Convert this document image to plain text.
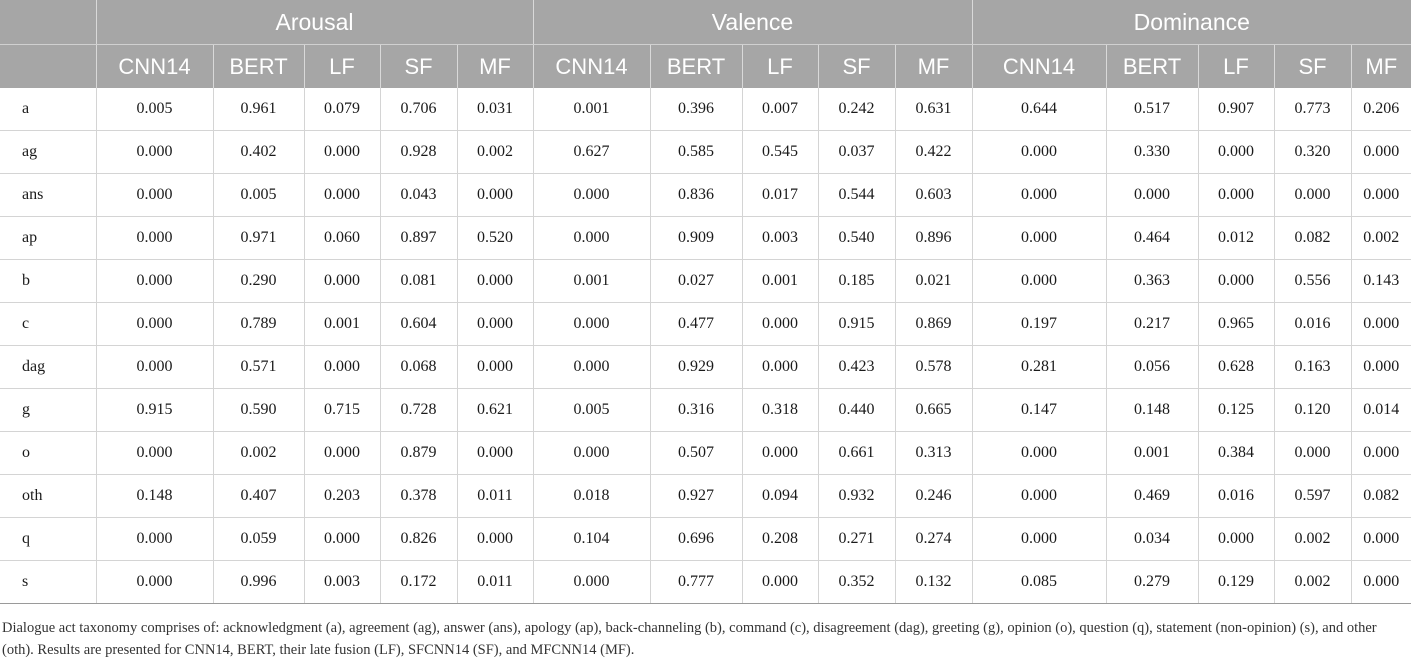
	Arousal					Valence					Dominance				
	CNN14	BERT	LF	SF	MF	CNN14	BERT	LF	SF	MF	CNN14	BERT	LF	SF	MF
a	0.005	0.961	0.079	0.706	0.031	0.001	0.396	0.007	0.242	0.631	0.644	0.517	0.907	0.773	0.206
ag	0.000	0.402	0.000	0.928	0.002	0.627	0.585	0.545	0.037	0.422	0.000	0.330	0.000	0.320	0.000
ans	0.000	0.005	0.000	0.043	0.000	0.000	0.836	0.017	0.544	0.603	0.000	0.000	0.000	0.000	0.000
ap	0.000	0.971	0.060	0.897	0.520	0.000	0.909	0.003	0.540	0.896	0.000	0.464	0.012	0.082	0.002
b	0.000	0.290	0.000	0.081	0.000	0.001	0.027	0.001	0.185	0.021	0.000	0.363	0.000	0.556	0.143
c	0.000	0.789	0.001	0.604	0.000	0.000	0.477	0.000	0.915	0.869	0.197	0.217	0.965	0.016	0.000
dag	0.000	0.571	0.000	0.068	0.000	0.000	0.929	0.000	0.423	0.578	0.281	0.056	0.628	0.163	0.000
g	0.915	0.590	0.715	0.728	0.621	0.005	0.316	0.318	0.440	0.665	0.147	0.148	0.125	0.120	0.014
o	0.000	0.002	0.000	0.879	0.000	0.000	0.507	0.000	0.661	0.313	0.000	0.001	0.384	0.000	0.000
oth	0.148	0.407	0.203	0.378	0.011	0.018	0.927	0.094	0.932	0.246	0.000	0.469	0.016	0.597	0.082
q	0.000	0.059	0.000	0.826	0.000	0.104	0.696	0.208	0.271	0.274	0.000	0.034	0.000	0.002	0.000
s	0.000	0.996	0.003	0.172	0.011	0.000	0.777	0.000	0.352	0.132	0.085	0.279	0.129	0.002	0.000
Dialogue act taxonomy comprises of: acknowledgment (a), agreement (ag), answer (ans), apology (ap), back-channeling (b), command (c), disagreement (dag), greeting (g), opinion (o), question (q), statement (non-opinion) (s), and other (oth). Results are presented for CNN14, BERT, their late fusion (LF), SFCNN14 (SF), and MFCNN14 (MF).
